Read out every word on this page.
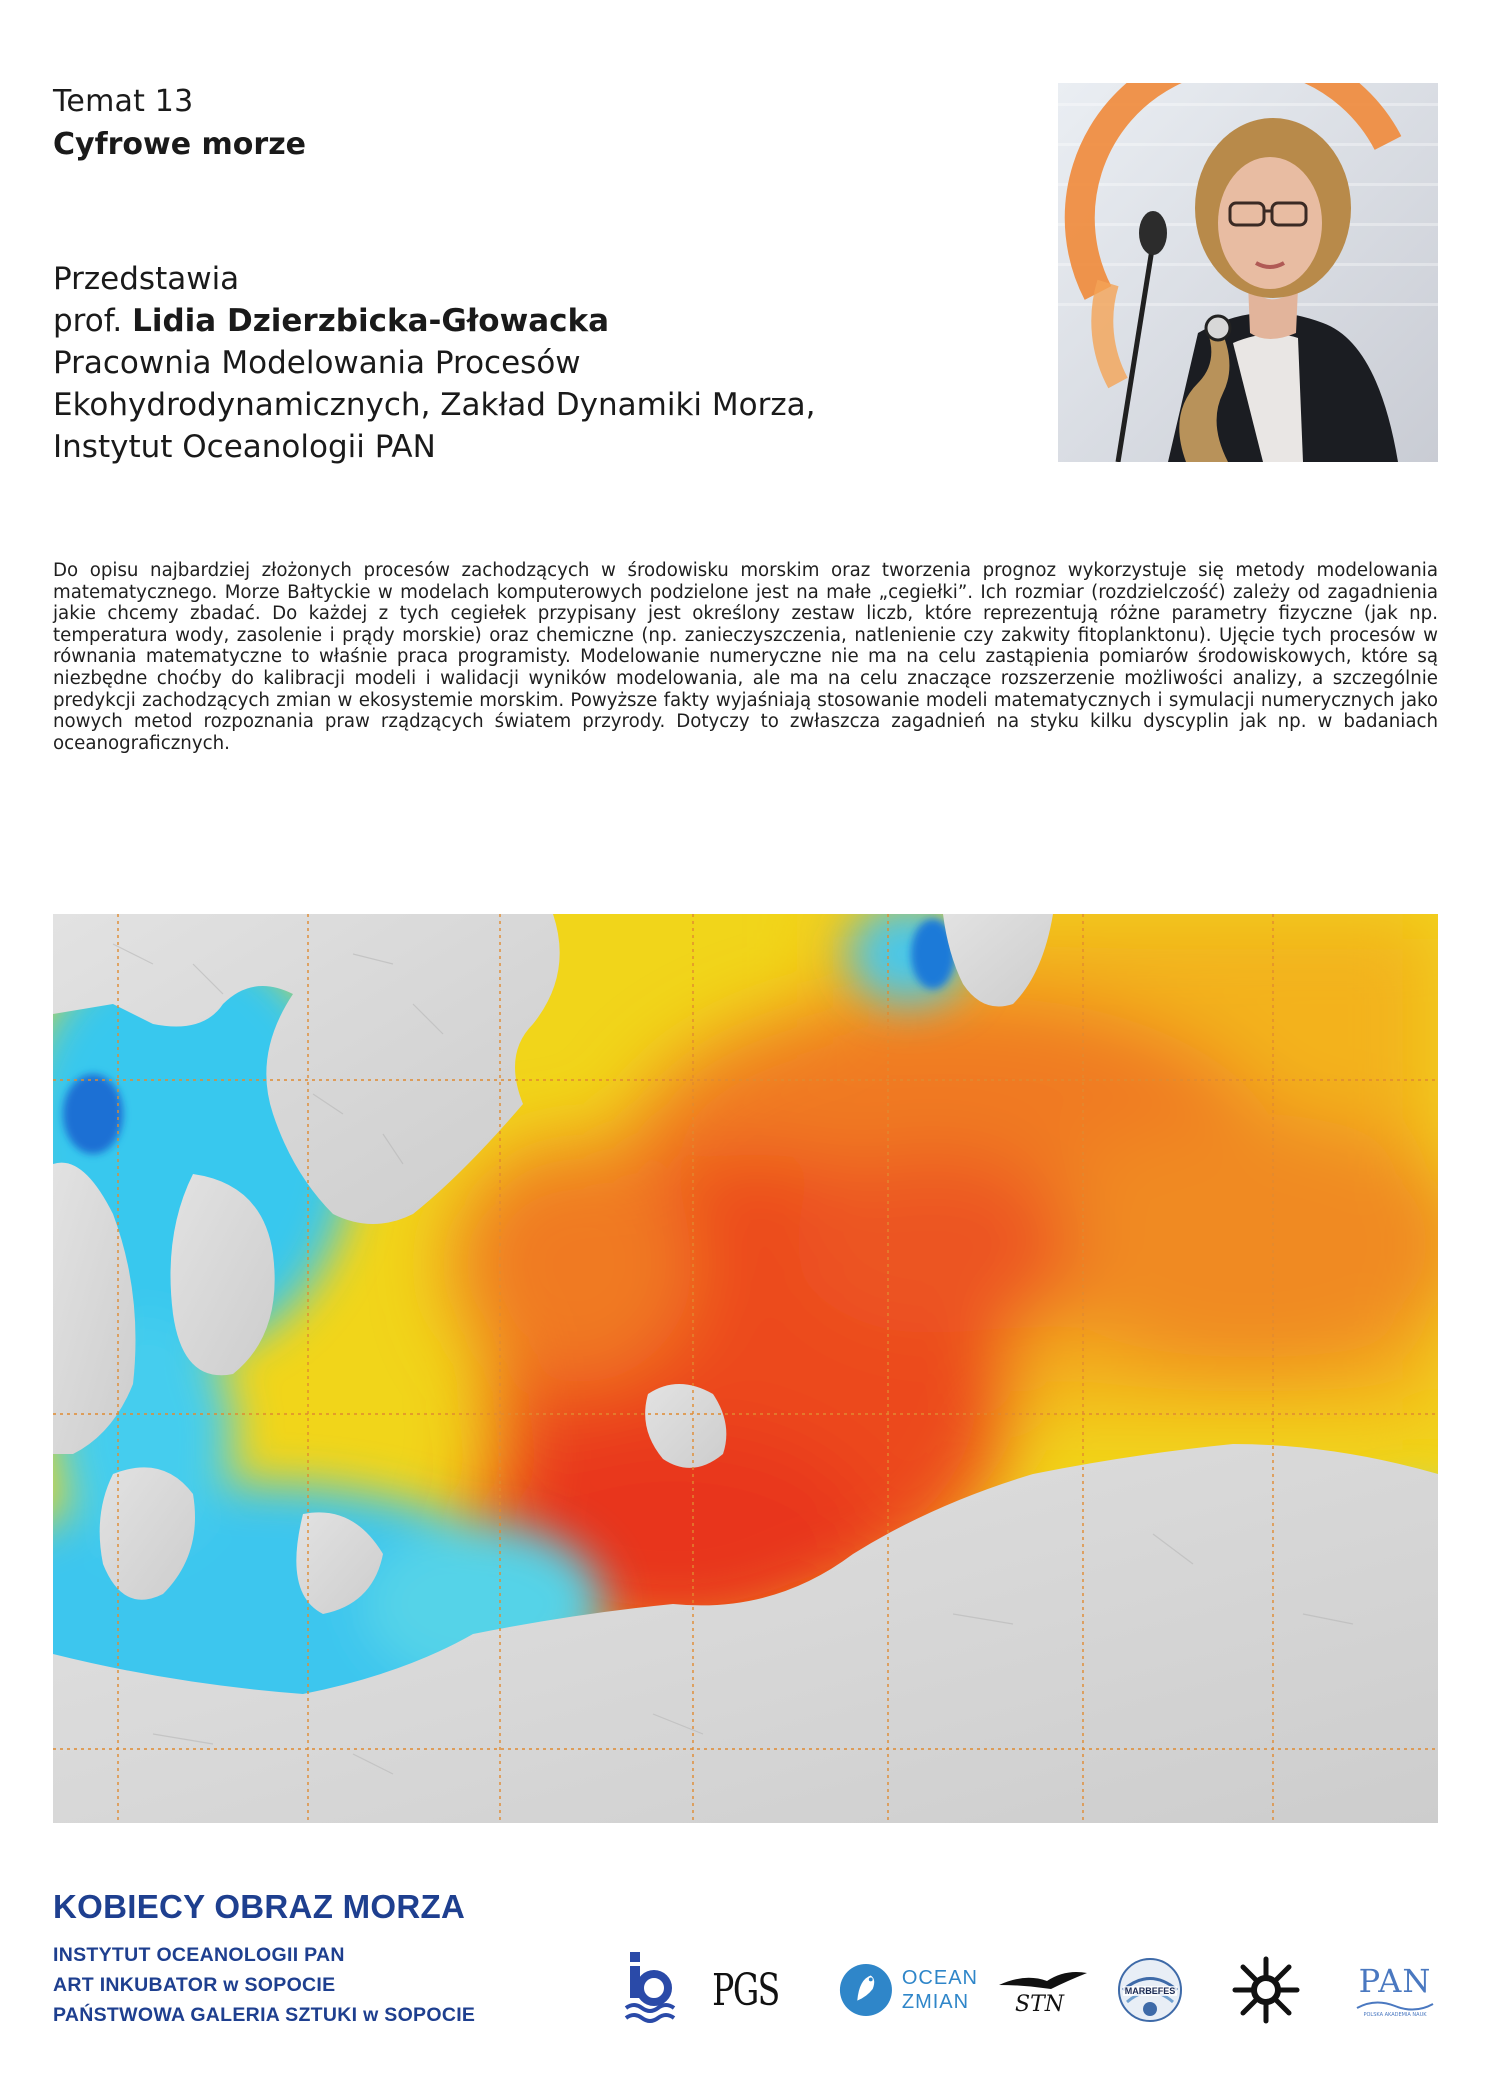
Temat 13
Cyfrowe morze
Przedstawia
prof. Lidia Dzierzbicka-Głowacka
Pracownia Modelowania Procesów
Ekohydrodynamicznych, Zakład Dynamiki Morza,
Instytut Oceanologii PAN
Do opisu najbardziej złożonych procesów zachodzących w środowisku morskim oraz tworzenia prognoz wykorzystuje się metody modelowania matematycznego. Morze Bałtyckie w modelach komputerowych podzielone jest na małe „cegiełki”. Ich rozmiar (rozdzielczość) zależy od zagadnienia jakie chcemy zbadać. Do każdej z tych cegiełek przypisany jest określony zestaw liczb, które reprezentują różne parametry fizyczne (jak np. temperatura wody, zasolenie i prądy morskie) oraz chemiczne (np. zanieczyszczenia, natlenienie czy zakwity fitoplanktonu). Ujęcie tych procesów w równania matematyczne to właśnie praca programisty. Modelowanie numeryczne nie ma na celu zastąpienia pomiarów środowiskowych, które są niezbędne choćby do kalibracji modeli i walidacji wyników modelowania, ale ma na celu znaczące rozszerzenie możliwości analizy, a szczególnie predykcji zachodzących zmian w ekosystemie morskim. Powyższe fakty wyjaśniają stosowanie modeli matematycznych i symulacji numerycznych jako nowych metod rozpoznania praw rządzących światem przyrody. Dotyczy to zwłaszcza zagadnień na styku kilku dyscyplin jak np. w badaniach oceanograficznych.
KOBIECY OBRAZ MORZA
INSTYTUT OCEANOLOGII PAN
ART INKUBATOR w SOPOCIE
PAŃSTWOWA GALERIA SZTUKI w SOPOCIE
PAN PGS	OCEAN
ZMIAN	STN
MARBEFES	PAN
POLSKA AKADEMIA NAUK
